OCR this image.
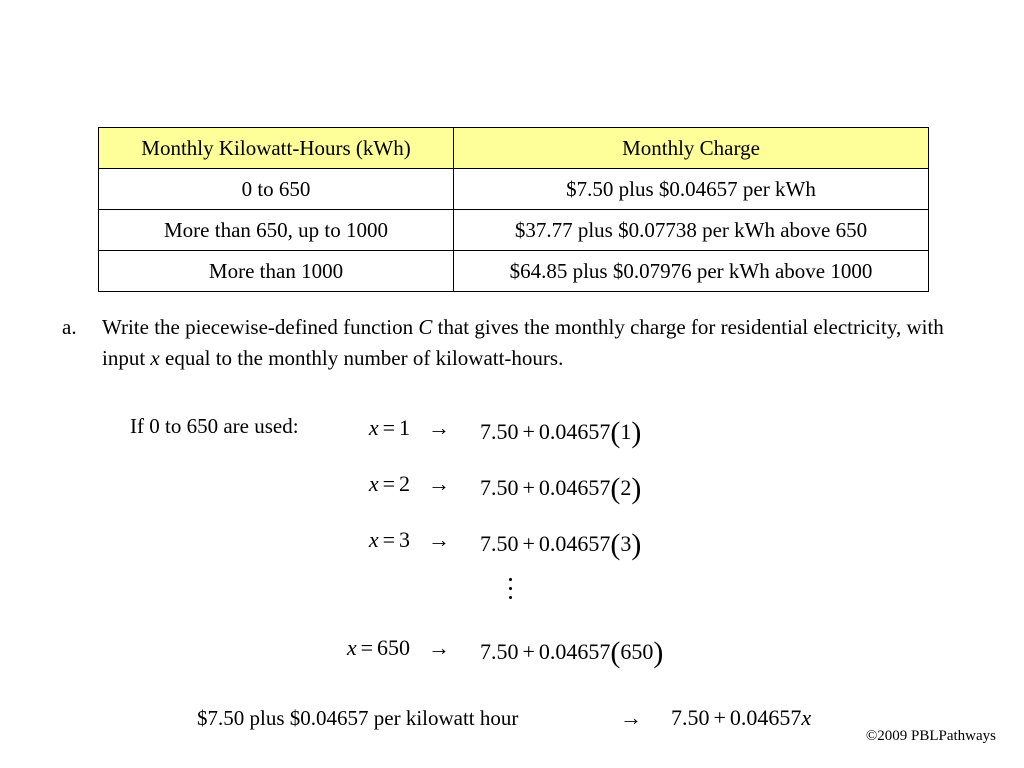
Monthly Kilowatt-Hours (kWh)	Monthly Charge
0 to 650	$7.50 plus $0.04657 per kWh
More than 650, up to 1000	$37.77 plus $0.07738 per kWh above 650
More than 1000	$64.85 plus $0.07976 per kWh above 1000
a. Write the piecewise-defined function C that gives the monthly charge for residential electricity, with input x equal to the monthly number of kilowatt-hours.
If 0 to 650 are used:	x = 1 → 7.50 + 0.04657(1)
x = 2 → 7.50 + 0.04657(2)
x = 3 → 7.50 + 0.04657(3)
x = 650 → 7.50 + 0.04657(650)
$7.50 plus $0.04657 per kilowatt hour	→ 7.50 + 0.04657x
©2009 PBLPathways
